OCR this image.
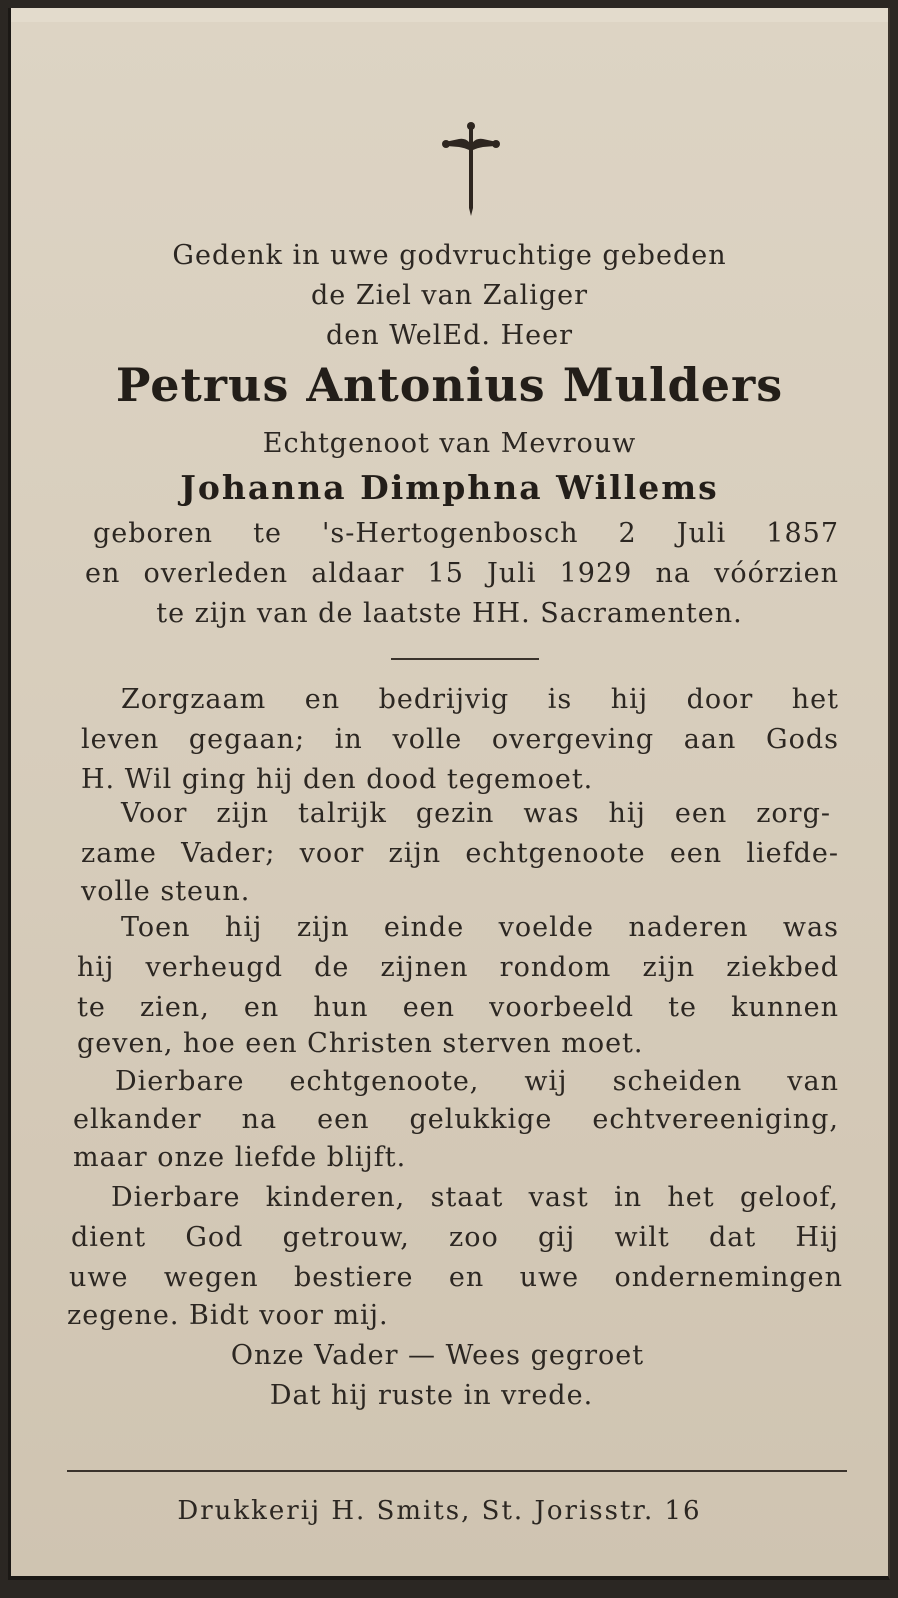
Gedenk in uwe godvruchtige gebeden
de Ziel van Zaliger
den WelEd. Heer
Petrus Antonius Mulders
Echtgenoot van Mevrouw
Johanna Dimphna Willems
geboren te 's-Hertogenbosch 2 Juli 1857
en overleden aldaar 15 Juli 1929 na vóórzien
te zijn van de laatste HH. Sacramenten.
Zorgzaam en bedrijvig is hij door het
leven gegaan; in volle overgeving aan Gods
H. Wil ging hij den dood tegemoet.
Voor zijn talrijk gezin was hij een zorg-
zame Vader; voor zijn echtgenoote een liefde-
volle steun.
Toen hij zijn einde voelde naderen was
hij verheugd de zijnen rondom zijn ziekbed
te zien, en hun een voorbeeld te kunnen
geven, hoe een Christen sterven moet.
Dierbare echtgenoote, wij scheiden van
elkander na een gelukkige echtvereeniging,
maar onze liefde blijft.
Dierbare kinderen, staat vast in het geloof,
dient God getrouw, zoo gij wilt dat Hij
uwe wegen bestiere en uwe ondernemingen
zegene. Bidt voor mij.
Onze Vader — Wees gegroet
Dat hij ruste in vrede.
Drukkerij H. Smits, St. Jorisstr. 16
